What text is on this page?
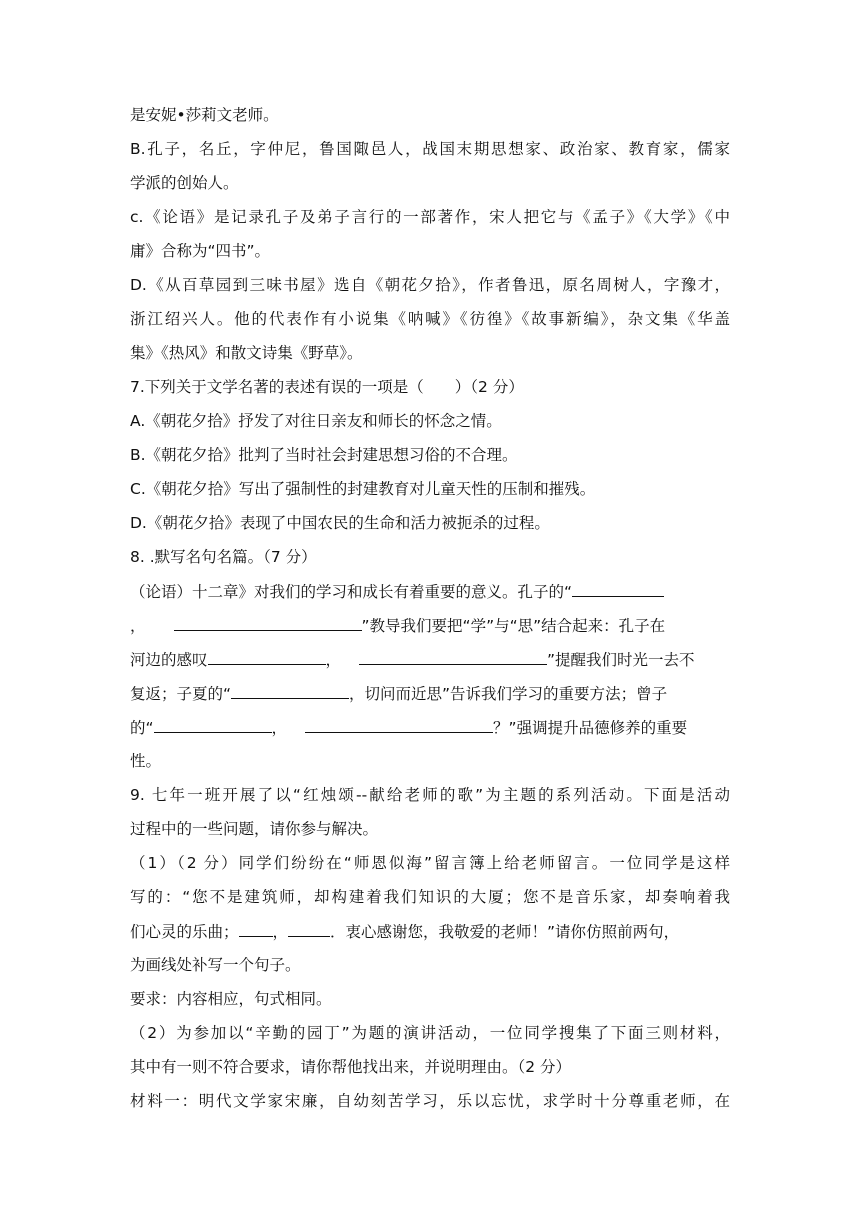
是安妮•莎莉文老师。
B.孔子，名丘，字仲尼，鲁国陬邑人，战国末期思想家、政治家、教育家，儒家
学派的创始人。
c.《论语》是记录孔子及弟子言行的一部著作，宋人把它与《孟子》《大学》《中
庸》合称为“四书”。
D.《从百草园到三味书屋》选自《朝花夕拾》，作者鲁迅，原名周树人，字豫才，
浙江绍兴人。他的代表作有小说集《呐喊》《彷徨》《故事新编》，杂文集《华盖
集》《热风》和散文诗集《野草》。
7.下列关于文学名著的表述有误的一项是（　　）（2 分）
A.《朝花夕拾》抒发了对往日亲友和师长的怀念之情。
B.《朝花夕拾》批判了当时社会封建思想习俗的不合理。
C.《朝花夕拾》写出了强制性的封建教育对儿童天性的压制和摧残。
D.《朝花夕拾》表现了中国农民的生命和活力被扼杀的过程。
8. .默写名句名篇。（7 分）
（论语）十二章》对我们的学习和成长有着重要的意义。孔子的“
，	”教导我们要把“学”与“思”结合起来：孔子在
河边的感叹	，	”提醒我们时光一去不
复返；子夏的“	，切问而近思”告诉我们学习的重要方法；曾子
的“	，	？”强调提升品德修养的重要
性。
9. 七年一班开展了以“红烛颂--献给老师的歌”为主题的系列活动。下面是活动
过程中的一些问题，请你参与解决。
（1）（2 分）同学们纷纷在“师恩似海”留言簿上给老师留言。一位同学是这样
写的：“您不是建筑师，却构建着我们知识的大厦；您不是音乐家，却奏响着我
们心灵的乐曲； ，	．衷心感谢您，我敬爱的老师！”请你仿照前两句，
为画线处补写一个句子。
要求：内容相应，句式相同。
（2）为参加以“辛勤的园丁”为题的演讲活动，一位同学搜集了下面三则材料，
其中有一则不符合要求，请你帮他找出来，并说明理由。（2 分）
材料一：明代文学家宋廉，自幼刻苦学习，乐以忘忧，求学时十分尊重老师，在
